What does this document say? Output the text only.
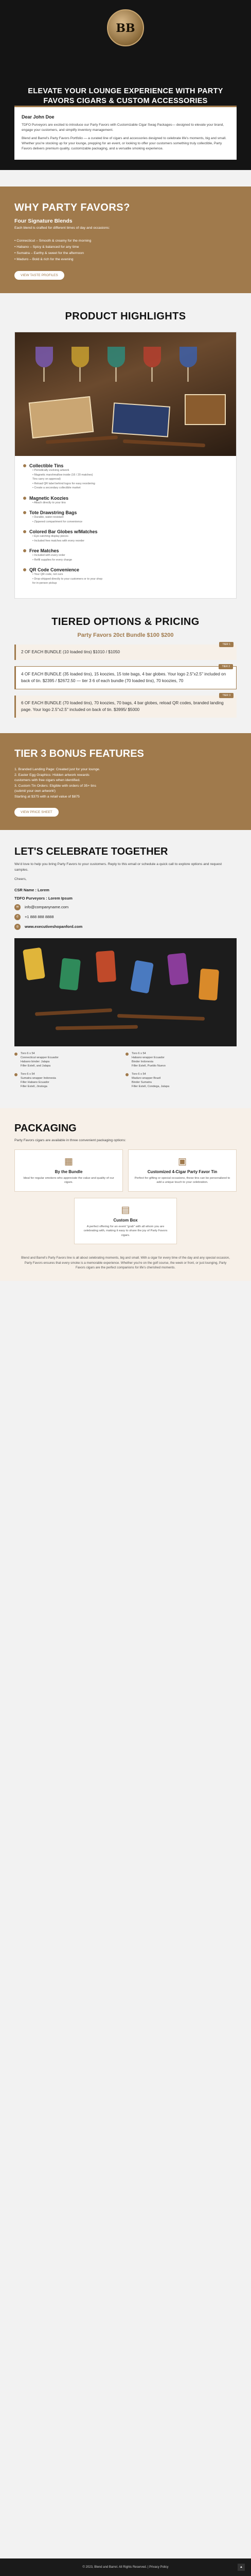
BB
ELEVATE YOUR LOUNGE EXPERIENCE WITH PARTY FAVORS CIGARS & CUSTOM ACCESSORIES
Dear John Doe

TDFO Purveyors are excited to introduce our Party Favors with Customizable Cigar Swag Packages— designed to elevate your brand, engage your customers, and simplify inventory management.

Blend and Barrel's Party Favors Portfolio — a curated line of cigars and accessories designed to celebrate life's moments, big and small. Whether you're stocking up for your lounge, prepping for an event, or looking to offer your customers something truly collectible, Party Favors delivers premium quality, customizable packaging, and a versatile smoking experience.

WHY PARTY FAVORS?
Four Signature Blends
Each blend is crafted for different times of day and occasions:
• Connecticut – Smooth & creamy for the morning
• Habano – Spicy & balanced for any time
• Sumatra – Earthy & sweet for the afternoon
• Maduro – Bold & rich for the evening
VIEW TASTE PROFILES
PRODUCT HIGHLIGHTS
Collectible Tins
• Periodically evolving artwork
• Magnetic marshmallow inside (16 / 20 matches)
Tins carry on approval)
• Reload QR label behind logos for easy reordering
• Create a secondary collectible market
Magnetic Koozies
• Attach directly to your tins
Tote Drawstring Bags
• Durable, water-resistant
• Zippered compartment for convenience
Colored Bar Globes w/Matches
• Eye-catching display pieces
• Included free matches with every reorder
Free Matches
• Included with every order
• Refill supplies for every charge
QR Code Convenience
• Your QR code, not ours
• Drop-shipped directly to your customers or to your shop
for in-person pickup
TIERED OPTIONS & PRICING
Party Favors 20ct Bundle $100 $200
TIER 1

2 OF EACH BUNDLE (10 loaded tins) $1010 / $1050

TIER 2

4 OF EACH BUNDLE (35 loaded tins), 15 koozies, 15 tote bags, 4 bar globes. Your logo 2.5"x2.5" included on back of tin. $2395 / $2672.50 — tier 3 6 of each bundle (70 loaded tins), 70 koozies, 70

TIER 3

6 OF EACH BUNDLE (70 loaded tins), 70 koozies, 70 bags, 4 bar globes, reload QR codes, branded landing page. Your logo 2.5"x2.5" included on back of tin. $3995/ $5000

TIER 3 BONUS FEATURES
1. Branded Landing Page: Created just for your lounge.
2. Easter Egg Graphics: Hidden artwork rewards
customers with free cigars when identified.
3. Custom Tin Orders: Eligible with orders of 35+ tins
(submit your own artwork!)
Starting at $375 with a retail value of $875
VIEW PRICE SHEET
LET'S CELEBRATE TOGETHER

We'd love to help you bring Party Favors to your customers. Reply to this email or schedule a quick call to explore options and request samples.

Cheers,

CSR Name : Lorem
TDFO Purveyors : Lorem Ipsum
✉	info@companyname.com
✆	+1 888 888 8888
◎	www.executiveshopanford.com
Toro 6 x 54
Connecticut wrapper Ecuador
Habano binder: Jalapa
Filler Estelí, and Jalapa
Toro 6 x 54
Habano wrapper Ecuador
Binder Indonesia
Filler Estelí, Pueblo Nuevo
Toro 6 x 54
Sumatra wrapper Indonesia
Filler Habano Ecuador
Filler Estelí, Jinotega
Toro 6 x 54
Maduro wrapper Brazil
Binder Sumatra
Filler Estelí, Condega, Jalapa
PACKAGING
Party Favors cigars are available in three convenient packaging options:
▦
By the Bundle

Ideal for regular smokers who appreciate the value and quality of our cigars.

▣
Customized 4-Cigar Party Favor Tin

Perfect for gifting or special occasions, these tins can be personalized to add a unique touch to your celebration.

▤
Custom Box

A perfect offering for an event "grab" with all whom you are celebrating with, making it easy to share the joy of Party Favors cigars.

Blend and Barrel's Party Favors line is all about celebrating moments, big and small. With a cigar for every time of the day and any special occasion, Party Favors ensures that every smoke is a memorable experience. Whether you're on the golf course, the week or front, or just lounging, Party Favors cigars are the perfect companions for life's cherished moments.
© 2023, Blend and Barrel. All Rights Reserved. | Privacy Policy	▲
